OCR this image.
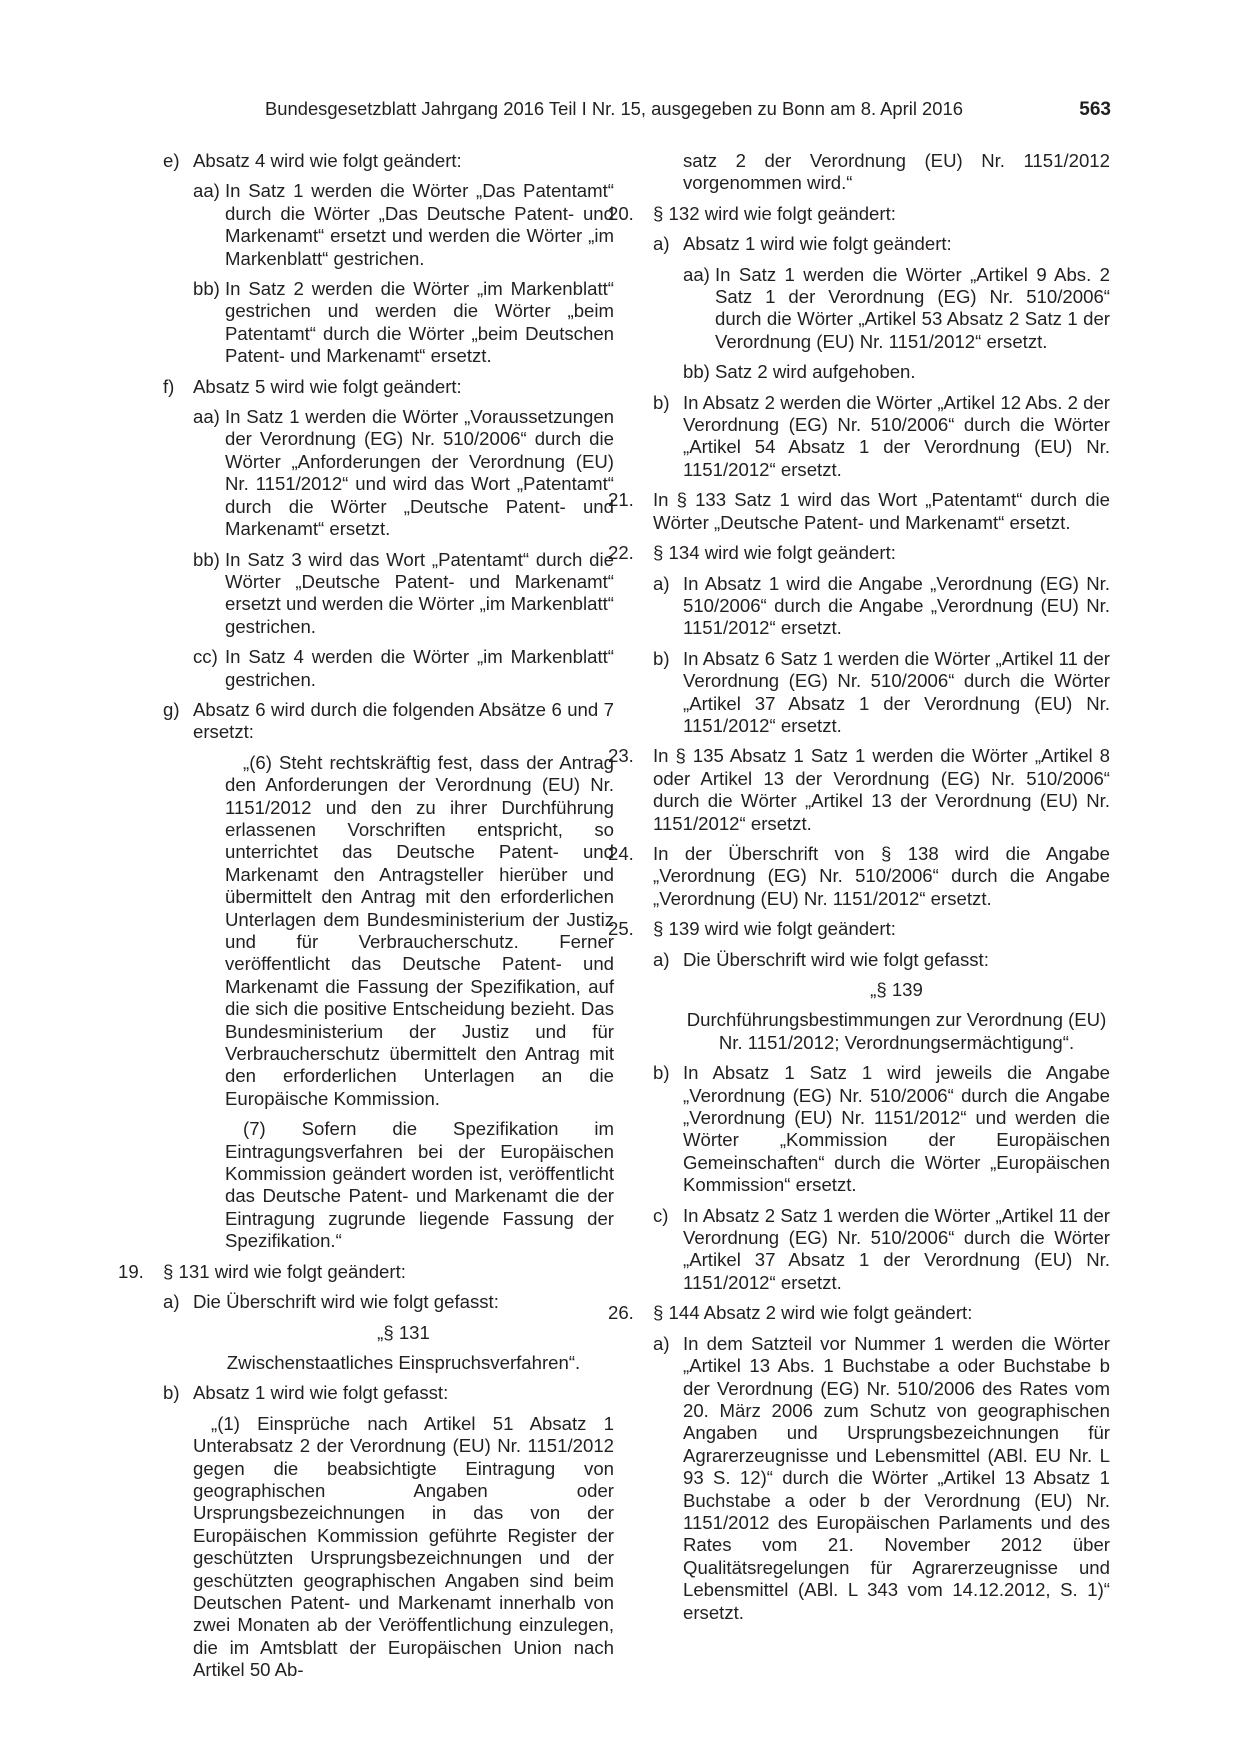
Bundesgesetzblatt Jahrgang 2016 Teil I Nr. 15, ausgegeben zu Bonn am 8. April 2016	563
e) Absatz 4 wird wie folgt geändert:
aa) In Satz 1 werden die Wörter „Das Patentamt“ durch die Wörter „Das Deutsche Patent- und Markenamt“ ersetzt und werden die Wörter „im Markenblatt“ gestrichen.
bb) In Satz 2 werden die Wörter „im Markenblatt“ gestrichen und werden die Wörter „beim Patentamt“ durch die Wörter „beim Deutschen Patent- und Markenamt“ ersetzt.
f) Absatz 5 wird wie folgt geändert:
aa) In Satz 1 werden die Wörter „Voraussetzungen der Verordnung (EG) Nr. 510/2006“ durch die Wörter „Anforderungen der Verordnung (EU) Nr. 1151/2012“ und wird das Wort „Patentamt“ durch die Wörter „Deutsche Patent- und Markenamt“ ersetzt.
bb) In Satz 3 wird das Wort „Patentamt“ durch die Wörter „Deutsche Patent- und Markenamt“ ersetzt und werden die Wörter „im Markenblatt“ gestrichen.
cc) In Satz 4 werden die Wörter „im Markenblatt“ gestrichen.
g) Absatz 6 wird durch die folgenden Absätze 6 und 7 ersetzt:
„(6) Steht rechtskräftig fest, dass der Antrag den Anforderungen der Verordnung (EU) Nr. 1151/2012 und den zu ihrer Durchführung erlassenen Vorschriften entspricht, so unterrichtet das Deutsche Patent- und Markenamt den Antragsteller hierüber und übermittelt den Antrag mit den erforderlichen Unterlagen dem Bundesministerium der Justiz und für Verbraucherschutz. Ferner veröffentlicht das Deutsche Patent- und Markenamt die Fassung der Spezifikation, auf die sich die positive Entscheidung bezieht. Das Bundesministerium der Justiz und für Verbraucherschutz übermittelt den Antrag mit den erforderlichen Unterlagen an die Europäische Kommission.
(7) Sofern die Spezifikation im Eintragungsverfahren bei der Europäischen Kommission geändert worden ist, veröffentlicht das Deutsche Patent- und Markenamt die der Eintragung zugrunde liegende Fassung der Spezifikation.“
19. § 131 wird wie folgt geändert:
a) Die Überschrift wird wie folgt gefasst:
„§ 131
Zwischenstaatliches Einspruchsverfahren“.
b) Absatz 1 wird wie folgt gefasst:
„(1) Einsprüche nach Artikel 51 Absatz 1 Unterabsatz 2 der Verordnung (EU) Nr. 1151/2012 gegen die beabsichtigte Eintragung von geographischen Angaben oder Ursprungsbezeichnungen in das von der Europäischen Kommission geführte Register der geschützten Ursprungsbezeichnungen und der geschützten geographischen Angaben sind beim Deutschen Patent- und Markenamt innerhalb von zwei Monaten ab der Veröffentlichung einzulegen, die im Amtsblatt der Europäischen Union nach Artikel 50 Ab-
satz 2 der Verordnung (EU) Nr. 1151/2012 vorgenommen wird.“
20. § 132 wird wie folgt geändert:
a) Absatz 1 wird wie folgt geändert:
aa) In Satz 1 werden die Wörter „Artikel 9 Abs. 2 Satz 1 der Verordnung (EG) Nr. 510/2006“ durch die Wörter „Artikel 53 Absatz 2 Satz 1 der Verordnung (EU) Nr. 1151/2012“ ersetzt.
bb) Satz 2 wird aufgehoben.
b) In Absatz 2 werden die Wörter „Artikel 12 Abs. 2 der Verordnung (EG) Nr. 510/2006“ durch die Wörter „Artikel 54 Absatz 1 der Verordnung (EU) Nr. 1151/2012“ ersetzt.
21. In § 133 Satz 1 wird das Wort „Patentamt“ durch die Wörter „Deutsche Patent- und Markenamt“ ersetzt.
22. § 134 wird wie folgt geändert:
a) In Absatz 1 wird die Angabe „Verordnung (EG) Nr. 510/2006“ durch die Angabe „Verordnung (EU) Nr. 1151/2012“ ersetzt.
b) In Absatz 6 Satz 1 werden die Wörter „Artikel 11 der Verordnung (EG) Nr. 510/2006“ durch die Wörter „Artikel 37 Absatz 1 der Verordnung (EU) Nr. 1151/2012“ ersetzt.
23. In § 135 Absatz 1 Satz 1 werden die Wörter „Artikel 8 oder Artikel 13 der Verordnung (EG) Nr. 510/2006“ durch die Wörter „Artikel 13 der Verordnung (EU) Nr. 1151/2012“ ersetzt.
24. In der Überschrift von § 138 wird die Angabe „Verordnung (EG) Nr. 510/2006“ durch die Angabe „Verordnung (EU) Nr. 1151/2012“ ersetzt.
25. § 139 wird wie folgt geändert:
a) Die Überschrift wird wie folgt gefasst:
„§ 139
Durchführungsbestimmungen zur Verordnung (EU) Nr. 1151/2012; Verordnungsermächtigung“.
b) In Absatz 1 Satz 1 wird jeweils die Angabe „Verordnung (EG) Nr. 510/2006“ durch die Angabe „Verordnung (EU) Nr. 1151/2012“ und werden die Wörter „Kommission der Europäischen Gemeinschaften“ durch die Wörter „Europäischen Kommission“ ersetzt.
c) In Absatz 2 Satz 1 werden die Wörter „Artikel 11 der Verordnung (EG) Nr. 510/2006“ durch die Wörter „Artikel 37 Absatz 1 der Verordnung (EU) Nr. 1151/2012“ ersetzt.
26. § 144 Absatz 2 wird wie folgt geändert:
a) In dem Satzteil vor Nummer 1 werden die Wörter „Artikel 13 Abs. 1 Buchstabe a oder Buchstabe b der Verordnung (EG) Nr. 510/2006 des Rates vom 20. März 2006 zum Schutz von geographischen Angaben und Ursprungsbezeichnungen für Agrarerzeugnisse und Lebensmittel (ABl. EU Nr. L 93 S. 12)“ durch die Wörter „Artikel 13 Absatz 1 Buchstabe a oder b der Verordnung (EU) Nr. 1151/2012 des Europäischen Parlaments und des Rates vom 21. November 2012 über Qualitätsregelungen für Agrarerzeugnisse und Lebensmittel (ABl. L 343 vom 14.12.2012, S. 1)“ ersetzt.
